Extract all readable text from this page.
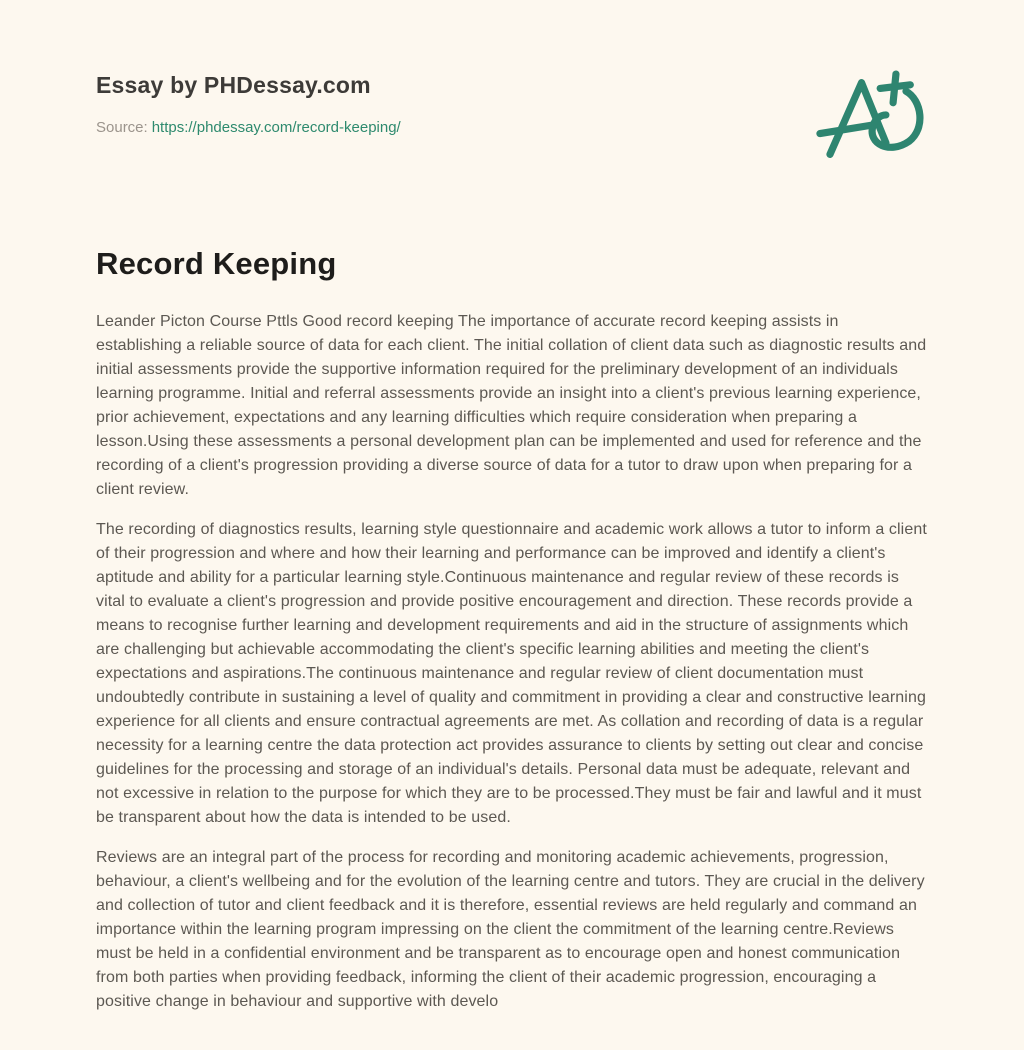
Essay by PHDessay.com
Source: https://phdessay.com/record-keeping/
Record Keeping

Leander Picton Course Pttls Good record keeping The importance of accurate record keeping assists in establishing a reliable source of data for each client. The initial collation of client data such as diagnostic results and initial assessments provide the supportive information required for the preliminary development of an individuals learning programme. Initial and referral assessments provide an insight into a client's previous learning experience, prior achievement, expectations and any learning difficulties which require consideration when preparing a lesson.Using these assessments a personal development plan can be implemented and used for reference and the recording of a client's progression providing a diverse source of data for a tutor to draw upon when preparing for a client review.

The recording of diagnostics results, learning style questionnaire and academic work allows a tutor to inform a client of their progression and where and how their learning and performance can be improved and identify a client's aptitude and ability for a particular learning style.Continuous maintenance and regular review of these records is vital to evaluate a client's progression and provide positive encouragement and direction. These records provide a means to recognise further learning and development requirements and aid in the structure of assignments which are challenging but achievable accommodating the client's specific learning abilities and meeting the client's expectations and aspirations.The continuous maintenance and regular review of client documentation must undoubtedly contribute in sustaining a level of quality and commitment in providing a clear and constructive learning experience for all clients and ensure contractual agreements are met. As collation and recording of data is a regular necessity for a learning centre the data protection act provides assurance to clients by setting out clear and concise guidelines for the processing and storage of an individual's details. Personal data must be adequate, relevant and not excessive in relation to the purpose for which they are to be processed.They must be fair and lawful and it must be transparent about how the data is intended to be used.

Reviews are an integral part of the process for recording and monitoring academic achievements, progression, behaviour, a client's wellbeing and for the evolution of the learning centre and tutors. They are crucial in the delivery and collection of tutor and client feedback and it is therefore, essential reviews are held regularly and command an importance within the learning program impressing on the client the commitment of the learning centre.Reviews must be held in a confidential environment and be transparent as to encourage open and honest communication from both parties when providing feedback, informing the client of their academic progression, encouraging a positive change in behaviour and supportive with develo
